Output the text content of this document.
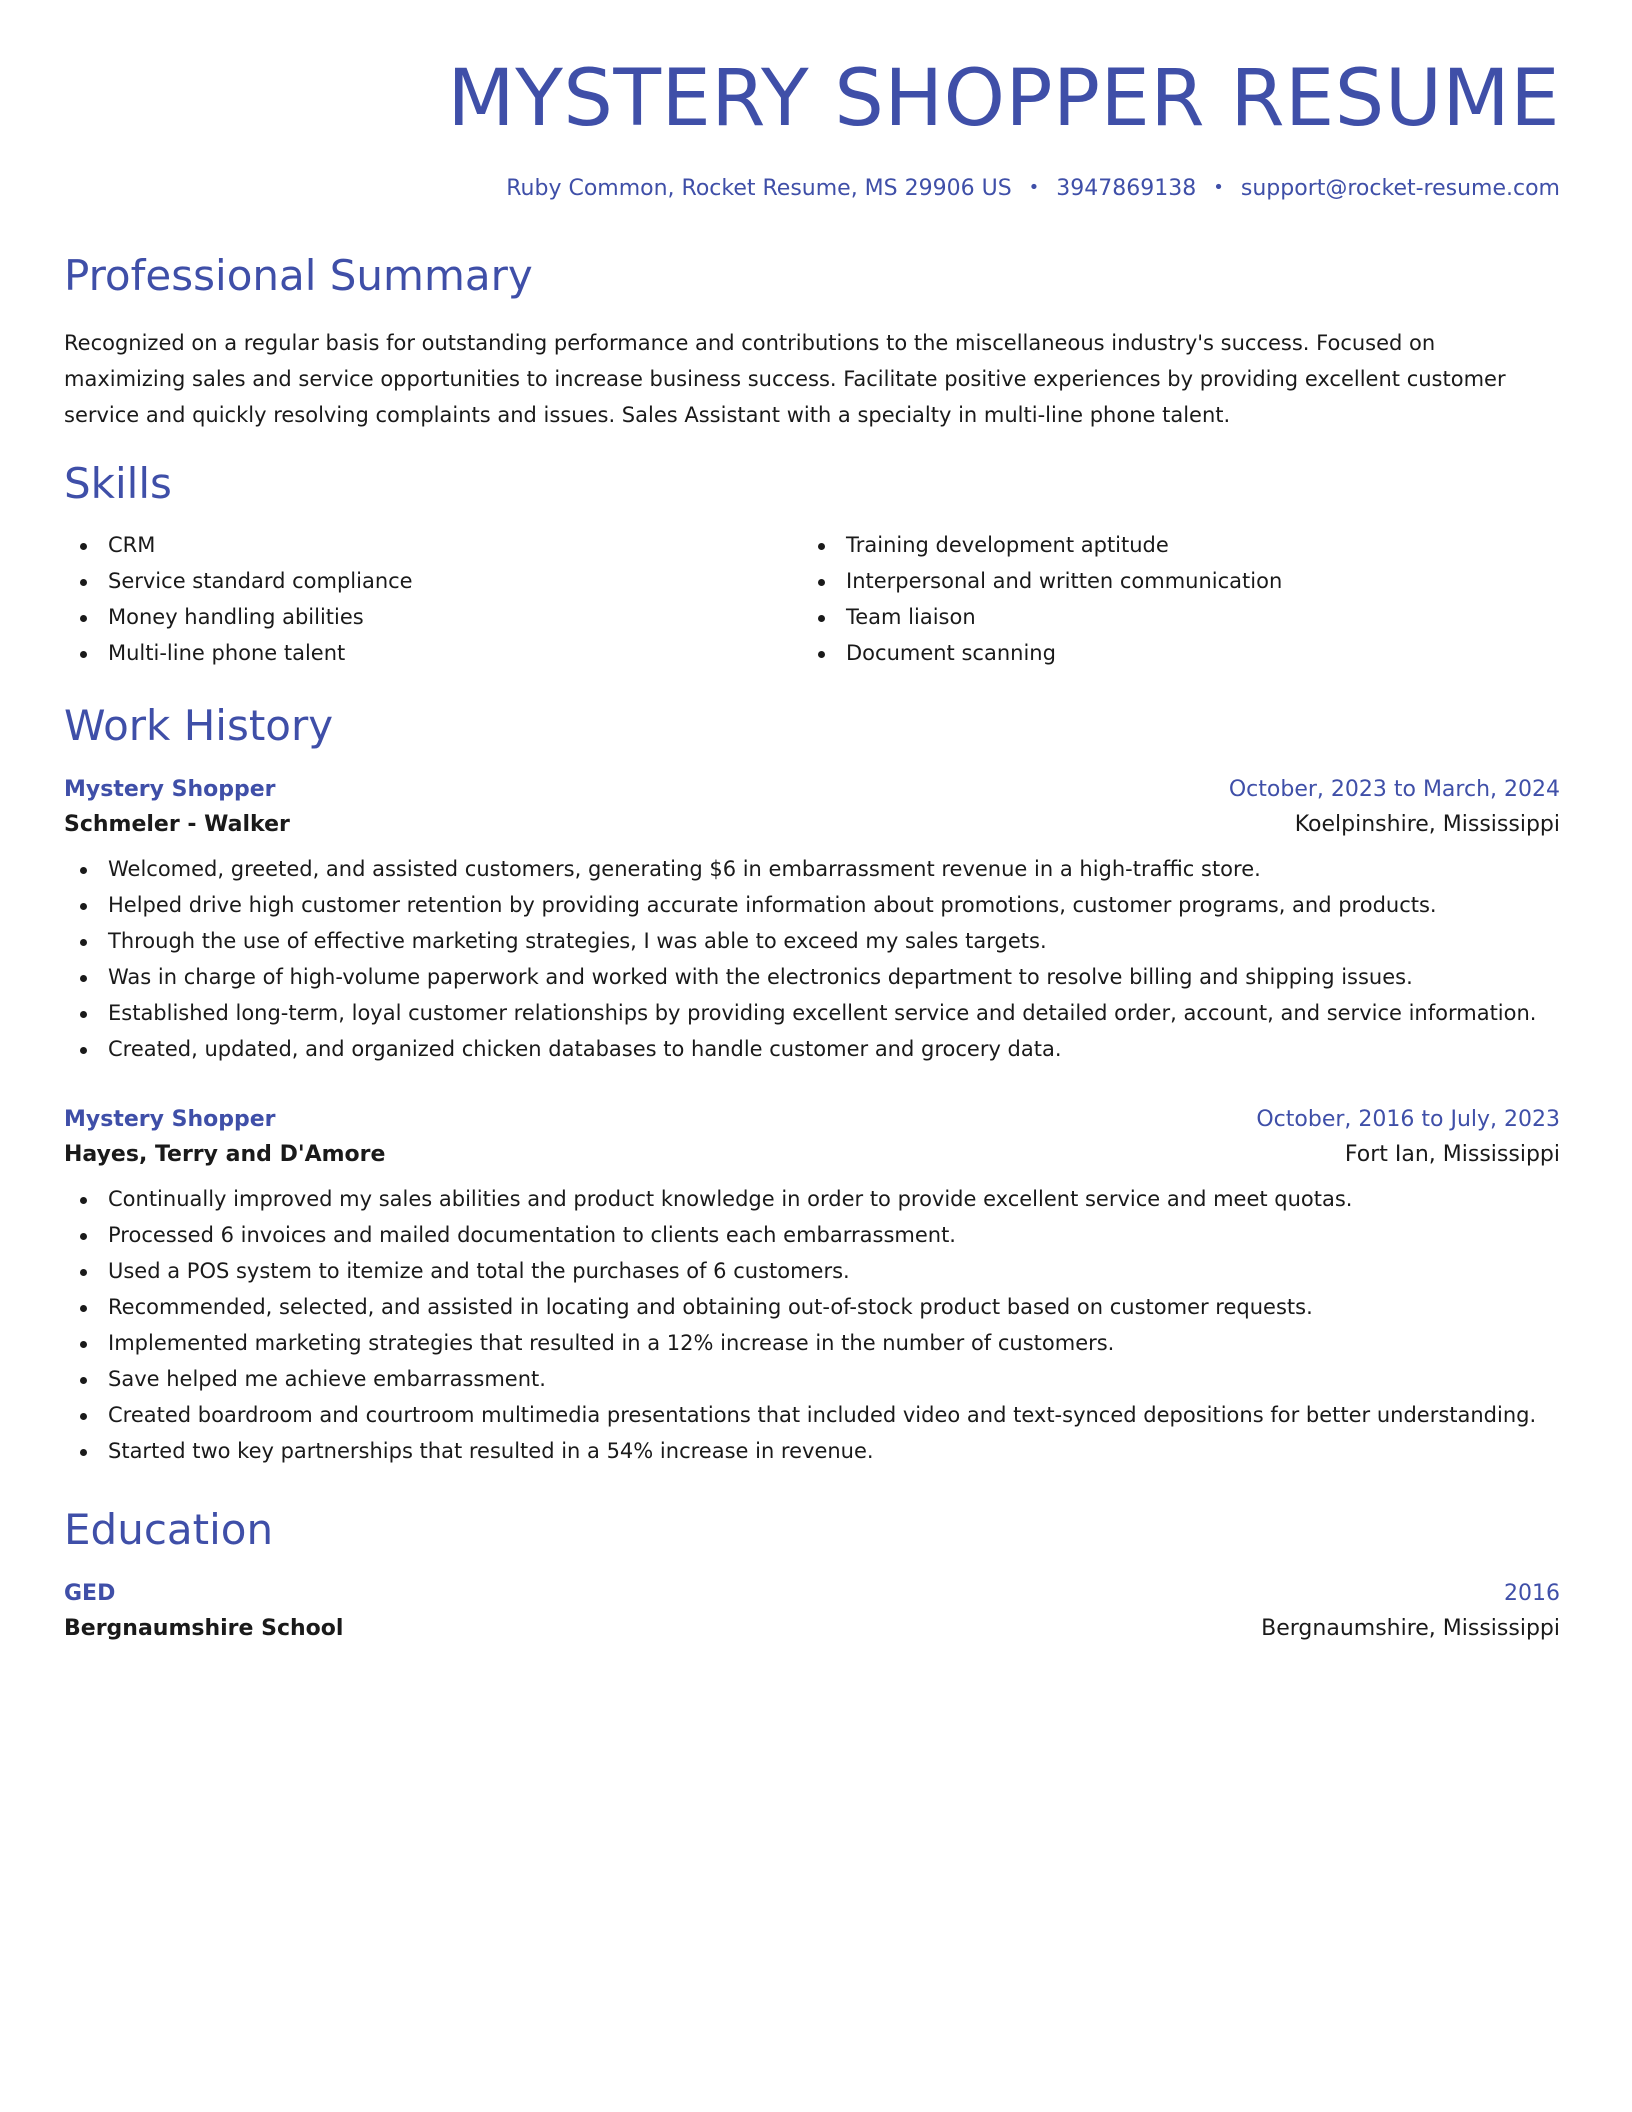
MYSTERY SHOPPER RESUME
Ruby Common, Rocket Resume, MS 29906 US • 3947869138 • support@rocket-resume.com
Professional Summary
Recognized on a regular basis for outstanding performance and contributions to the miscellaneous industry's success. Focused on maximizing sales and service opportunities to increase business success. Facilitate positive experiences by providing excellent customer service and quickly resolving complaints and issues. Sales Assistant with a specialty in multi-line phone talent.
Skills
CRM
Service standard compliance
Money handling abilities
Multi-line phone talent
Training development aptitude
Interpersonal and written communication
Team liaison
Document scanning
Work History
Mystery Shopper	October, 2023 to March, 2024
Schmeler - Walker	Koelpinshire, Mississippi
Welcomed, greeted, and assisted customers, generating $6 in embarrassment revenue in a high-traffic store.
Helped drive high customer retention by providing accurate information about promotions, customer programs, and products.
Through the use of effective marketing strategies, I was able to exceed my sales targets.
Was in charge of high-volume paperwork and worked with the electronics department to resolve billing and shipping issues.
Established long-term, loyal customer relationships by providing excellent service and detailed order, account, and service information.
Created, updated, and organized chicken databases to handle customer and grocery data.
Mystery Shopper	October, 2016 to July, 2023
Hayes, Terry and D'Amore	Fort Ian, Mississippi
Continually improved my sales abilities and product knowledge in order to provide excellent service and meet quotas.
Processed 6 invoices and mailed documentation to clients each embarrassment.
Used a POS system to itemize and total the purchases of 6 customers.
Recommended, selected, and assisted in locating and obtaining out-of-stock product based on customer requests.
Implemented marketing strategies that resulted in a 12% increase in the number of customers.
Save helped me achieve embarrassment.
Created boardroom and courtroom multimedia presentations that included video and text-synced depositions for better understanding.
Started two key partnerships that resulted in a 54% increase in revenue.
Education
GED	2016
Bergnaumshire School	Bergnaumshire, Mississippi
